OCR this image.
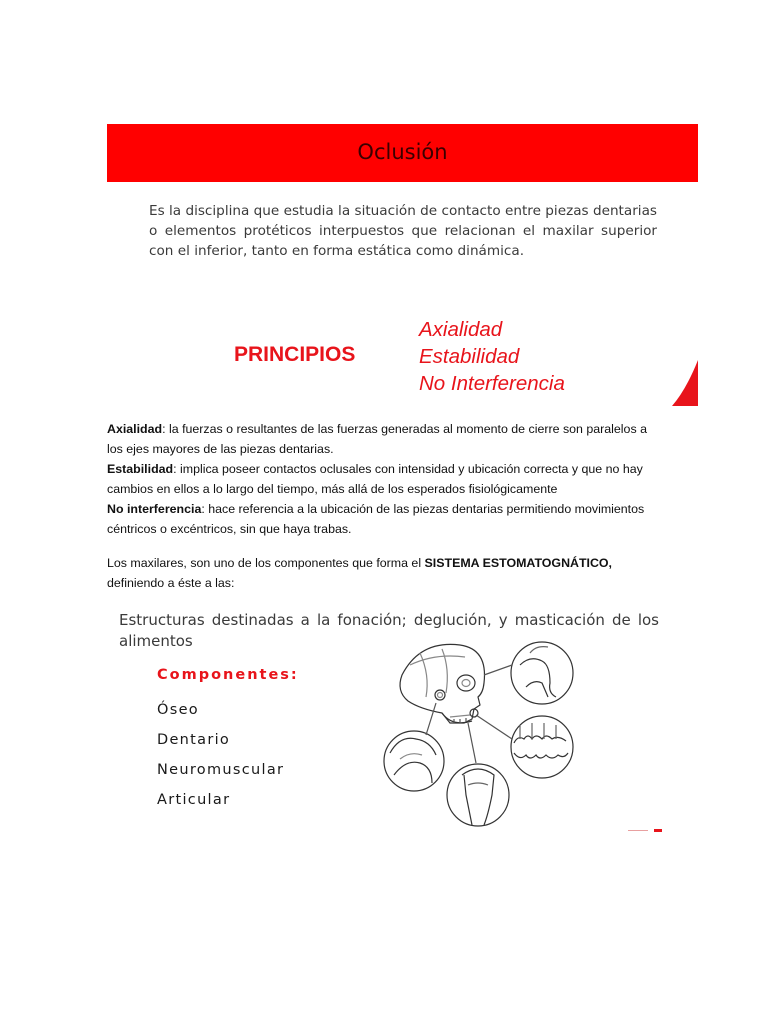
Oclusión
Es la disciplina que estudia la situación de contacto entre piezas dentarias o elementos protéticos interpuestos que relacionan el maxilar superior con el inferior, tanto en forma estática como dinámica.
PRINCIPIOS
Axialidad
Estabilidad
No Interferencia

Axialidad: la fuerzas o resultantes de las fuerzas generadas al momento de cierre son paralelos a los ejes mayores de las piezas dentarias.

Estabilidad: implica poseer contactos oclusales con intensidad y ubicación correcta y que no hay cambios en ellos a lo largo del tiempo, más allá de los esperados fisiológicamente

No interferencia: hace referencia a la ubicación de las piezas dentarias permitiendo movimientos céntricos o excéntricos, sin que haya trabas.

Los maxilares, son uno de los componentes que forma el SISTEMA ESTOMATOGNÁTICO,
definiendo a éste a las:
Estructuras destinadas a la fonación; deglución, y masticación de los alimentos
Componentes:
Óseo
Dentario
Neuromuscular
Articular
